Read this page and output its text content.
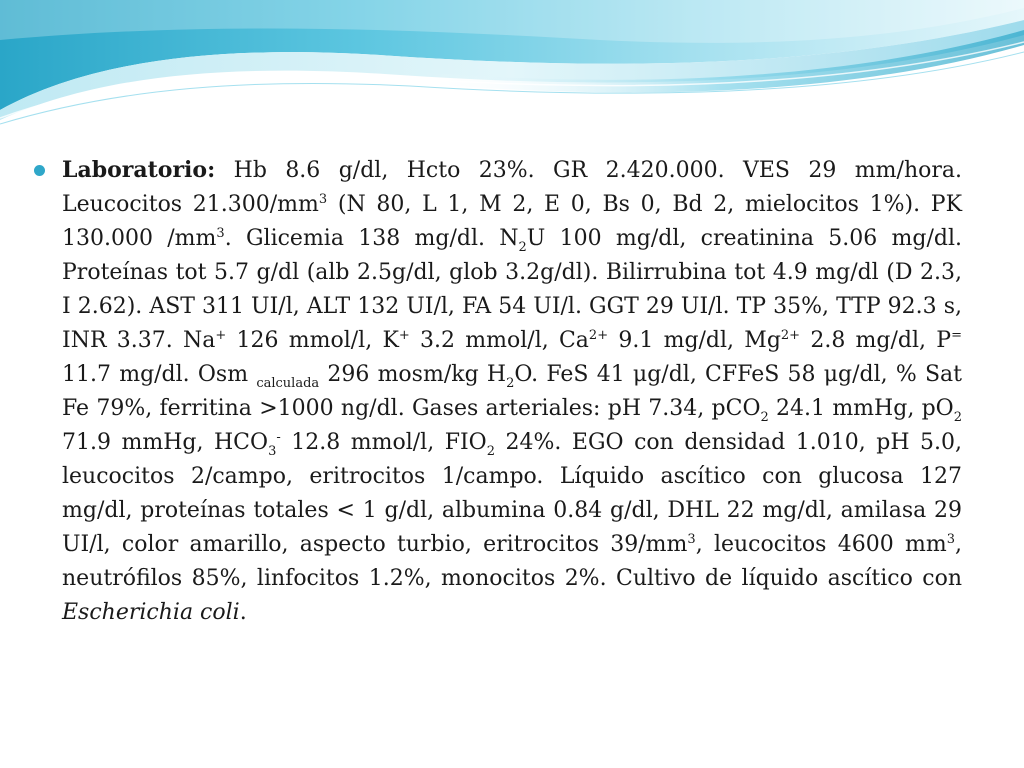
Laboratorio: Hb 8.6 g/dl, Hcto 23%. GR 2.420.000. VES 29 mm/hora. Leucocitos $21.300/mm^3$ (N 80, L 1, M 2, E 0, Bs 0, Bd 2, mielocitos 1%). PK 130.000 $/mm^3$. Glicemia 138 mg/dl. $N_2U$ 100 mg/dl, creatinina 5.06 mg/dl. Proteínas tot 5.7 g/dl (alb 2.5g/dl, glob 3.2g/dl). Bilirrubina tot 4.9 mg/dl (D 2.3, I 2.62). AST 311 UI/l, ALT 132 UI/l, FA 54 UI/l. GGT 29 UI/l. TP 35%, TTP 92.3 s, INR 3.37. Na+ 126 mmol/l, K+ 3.2 mmol/l, $Ca^{2+}$ 9.1 mg/dl, $Mg^{2+}$ 2.8 mg/dl, P= 11.7 mg/dl. Osm $_{calculada}$ 296 mosm/kg $H_2O$. FeS 41 μg/dl, CFFeS 58 μg/dl, % Sat Fe 79%, ferritina >1000 ng/dl. Gases arteriales: pH 7.34, pCO$_2$ 24.1 mmHg, $pO_2$ 71.9 mmHg, $HCO_3^-$ 12.8 mmol/l, $FIO_2$ 24%. EGO con densidad 1.010, pH 5.0, leucocitos 2/campo, eritrocitos 1/campo. Líquido ascítico con glucosa 127 mg/dl, proteínas totales < 1 g/dl, albumina 0.84 g/dl, DHL 22 mg/dl, amilasa 29 UI/l, color amarillo, aspecto turbio, eritrocitos $39/mm^3$, leucocitos 4600 $mm^3$, neutrófilos 85%, linfocitos 1.2%, monocitos 2%. Cultivo de líquido ascítico con Escherichia coli.
